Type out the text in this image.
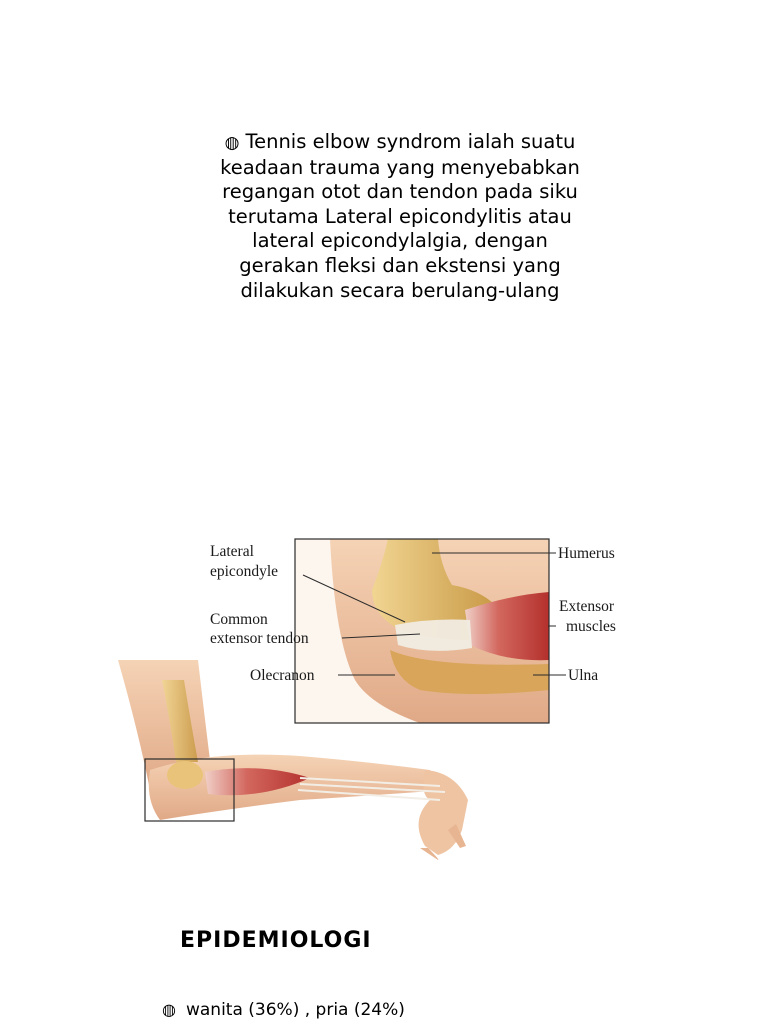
◍ Tennis elbow syndrom ialah suatu
keadaan trauma yang menyebabkan
regangan otot dan tendon pada siku
terutama Lateral epicondylitis atau
lateral epicondylalgia, dengan
gerakan fleksi dan ekstensi yang
dilakukan secara berulang-ulang
Lateral
epicondyle
Common
extensor tendon
Olecranon
Humerus
Extensor
muscles
Ulna
EPIDEMIOLOGI
◍ wanita (36%) , pria (24%)
